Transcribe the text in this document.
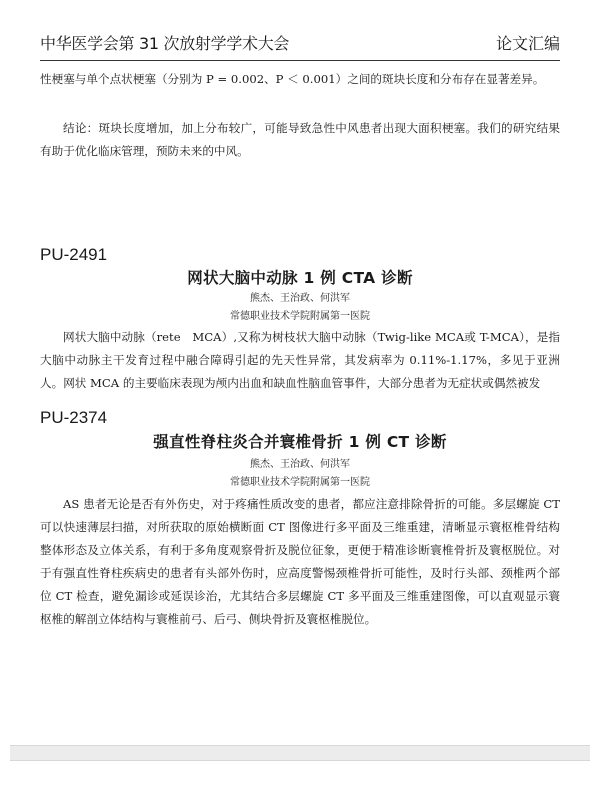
中华医学会第 31 次放射学学术大会	论文汇编

性梗塞与单个点状梗塞（分别为 P = 0.002、P ＜ 0.001）之间的斑块长度和分布存在显著差异。

结论：斑块长度增加，加上分布较广，可能导致急性中风患者出现大面积梗塞。我们的研究结果有助于优化临床管理，预防未来的中风。

PU-2491

网状大脑中动脉 1 例 CTA 诊断

熊杰、王治政、何洪军

常德职业技术学院附属第一医院

网状大脑中动脉（rete　MCA）,又称为树枝状大脑中动脉（Twig-like MCA或 T-MCA），是指大脑中动脉主干发育过程中融合障碍引起的先天性异常，其发病率为 0.11%-1.17%，多见于亚洲人。网状 MCA 的主要临床表现为颅内出血和缺血性脑血管事件，大部分患者为无症状或偶然被发

PU-2374

强直性脊柱炎合并寰椎骨折 1 例 CT 诊断

熊杰、王治政、何洪军

常德职业技术学院附属第一医院

AS 患者无论是否有外伤史，对于疼痛性质改变的患者，都应注意排除骨折的可能。多层螺旋 CT 可以快速薄层扫描，对所获取的原始横断面 CT 图像进行多平面及三维重建，清晰显示寰枢椎骨结构整体形态及立体关系，有利于多角度观察骨折及脱位征象，更便于精准诊断寰椎骨折及寰枢脱位。对于有强直性脊柱疾病史的患者有头部外伤时，应高度警惕颈椎骨折可能性，及时行头部、颈椎两个部位 CT 检查，避免漏诊或延误诊治，尤其结合多层螺旋 CT 多平面及三维重建图像，可以直观显示寰枢椎的解剖立体结构与寰椎前弓、后弓、侧块骨折及寰枢椎脱位。
